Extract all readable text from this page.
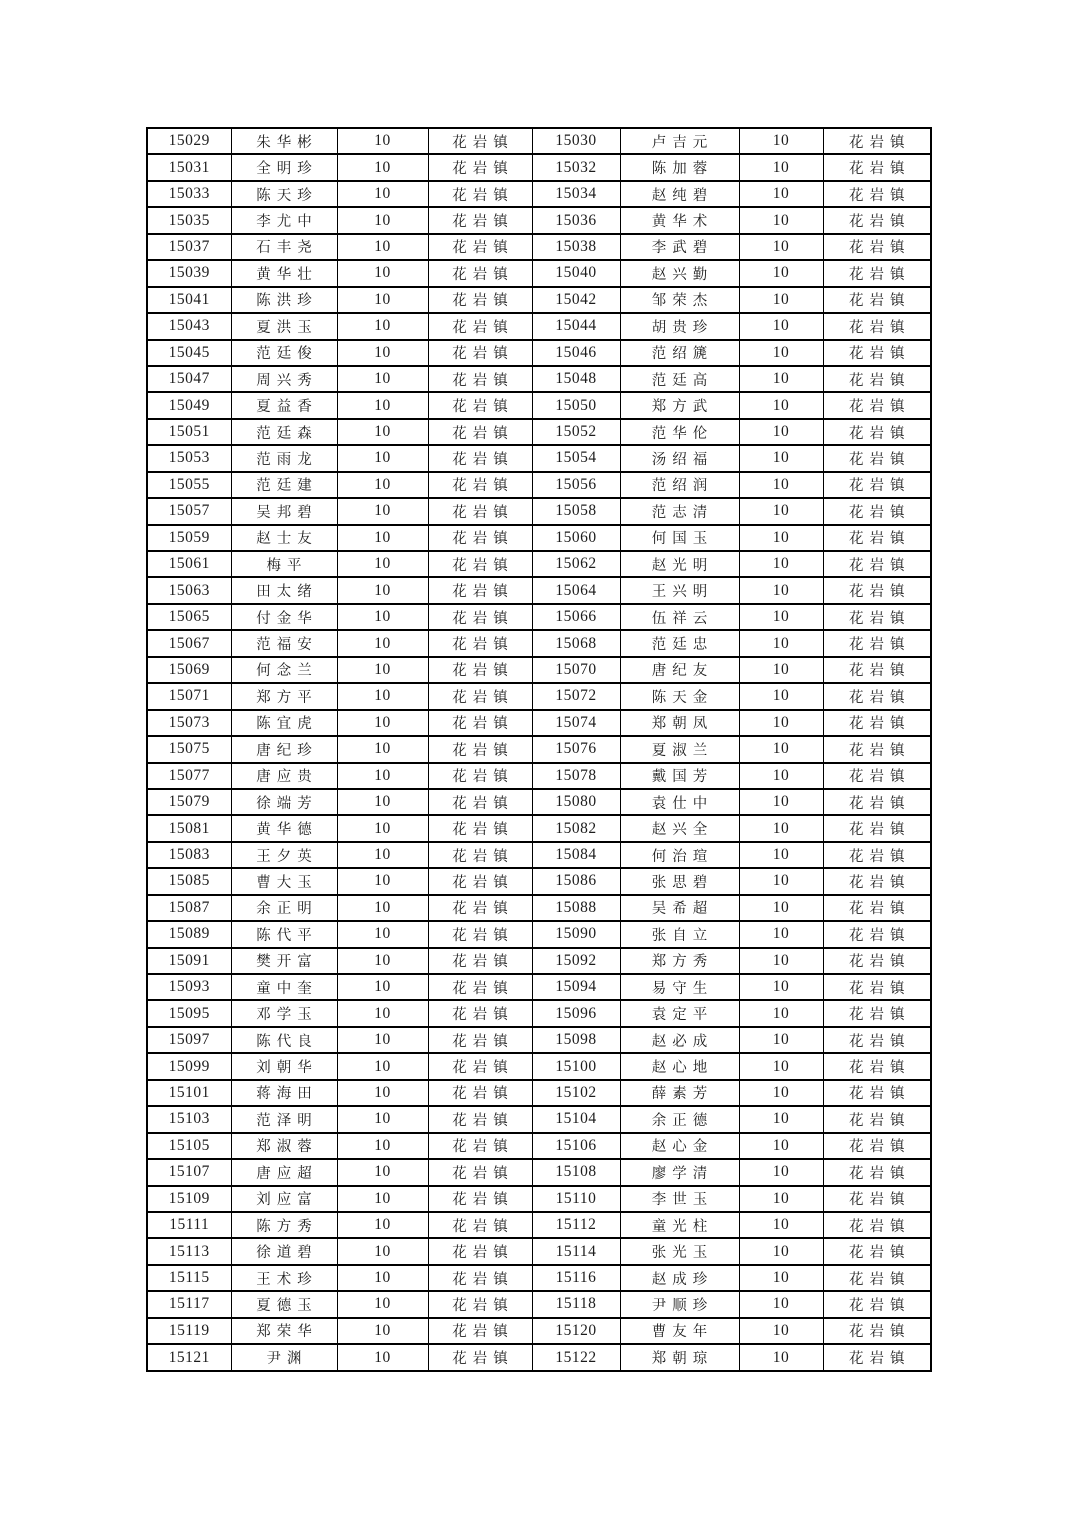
15029	朱华彬	10	花岩镇	15030	卢吉元	10	花岩镇
15031	全明珍	10	花岩镇	15032	陈加蓉	10	花岩镇
15033	陈天珍	10	花岩镇	15034	赵纯碧	10	花岩镇
15035	李尤中	10	花岩镇	15036	黄华术	10	花岩镇
15037	石丰尧	10	花岩镇	15038	李武碧	10	花岩镇
15039	黄华壮	10	花岩镇	15040	赵兴勤	10	花岩镇
15041	陈洪珍	10	花岩镇	15042	邹荣杰	10	花岩镇
15043	夏洪玉	10	花岩镇	15044	胡贵珍	10	花岩镇
15045	范廷俊	10	花岩镇	15046	范绍篪	10	花岩镇
15047	周兴秀	10	花岩镇	15048	范廷高	10	花岩镇
15049	夏益香	10	花岩镇	15050	郑方武	10	花岩镇
15051	范廷森	10	花岩镇	15052	范华伦	10	花岩镇
15053	范雨龙	10	花岩镇	15054	汤绍福	10	花岩镇
15055	范廷建	10	花岩镇	15056	范绍润	10	花岩镇
15057	吴邦碧	10	花岩镇	15058	范志清	10	花岩镇
15059	赵士友	10	花岩镇	15060	何国玉	10	花岩镇
15061	梅平	10	花岩镇	15062	赵光明	10	花岩镇
15063	田太绪	10	花岩镇	15064	王兴明	10	花岩镇
15065	付金华	10	花岩镇	15066	伍祥云	10	花岩镇
15067	范福安	10	花岩镇	15068	范廷忠	10	花岩镇
15069	何念兰	10	花岩镇	15070	唐纪友	10	花岩镇
15071	郑方平	10	花岩镇	15072	陈天金	10	花岩镇
15073	陈宜虎	10	花岩镇	15074	郑朝凤	10	花岩镇
15075	唐纪珍	10	花岩镇	15076	夏淑兰	10	花岩镇
15077	唐应贵	10	花岩镇	15078	戴国芳	10	花岩镇
15079	徐端芳	10	花岩镇	15080	袁仕中	10	花岩镇
15081	黄华德	10	花岩镇	15082	赵兴全	10	花岩镇
15083	王夕英	10	花岩镇	15084	何治瑄	10	花岩镇
15085	曹大玉	10	花岩镇	15086	张思碧	10	花岩镇
15087	余正明	10	花岩镇	15088	吴希超	10	花岩镇
15089	陈代平	10	花岩镇	15090	张自立	10	花岩镇
15091	樊开富	10	花岩镇	15092	郑方秀	10	花岩镇
15093	童中奎	10	花岩镇	15094	易守生	10	花岩镇
15095	邓学玉	10	花岩镇	15096	袁定平	10	花岩镇
15097	陈代良	10	花岩镇	15098	赵必成	10	花岩镇
15099	刘朝华	10	花岩镇	15100	赵心地	10	花岩镇
15101	蒋海田	10	花岩镇	15102	薛素芳	10	花岩镇
15103	范泽明	10	花岩镇	15104	余正德	10	花岩镇
15105	郑淑蓉	10	花岩镇	15106	赵心金	10	花岩镇
15107	唐应超	10	花岩镇	15108	廖学清	10	花岩镇
15109	刘应富	10	花岩镇	15110	李世玉	10	花岩镇
15111	陈方秀	10	花岩镇	15112	童光柱	10	花岩镇
15113	徐道碧	10	花岩镇	15114	张光玉	10	花岩镇
15115	王术珍	10	花岩镇	15116	赵成珍	10	花岩镇
15117	夏德玉	10	花岩镇	15118	尹顺珍	10	花岩镇
15119	郑荣华	10	花岩镇	15120	曹友年	10	花岩镇
15121	尹渊	10	花岩镇	15122	郑朝琼	10	花岩镇
